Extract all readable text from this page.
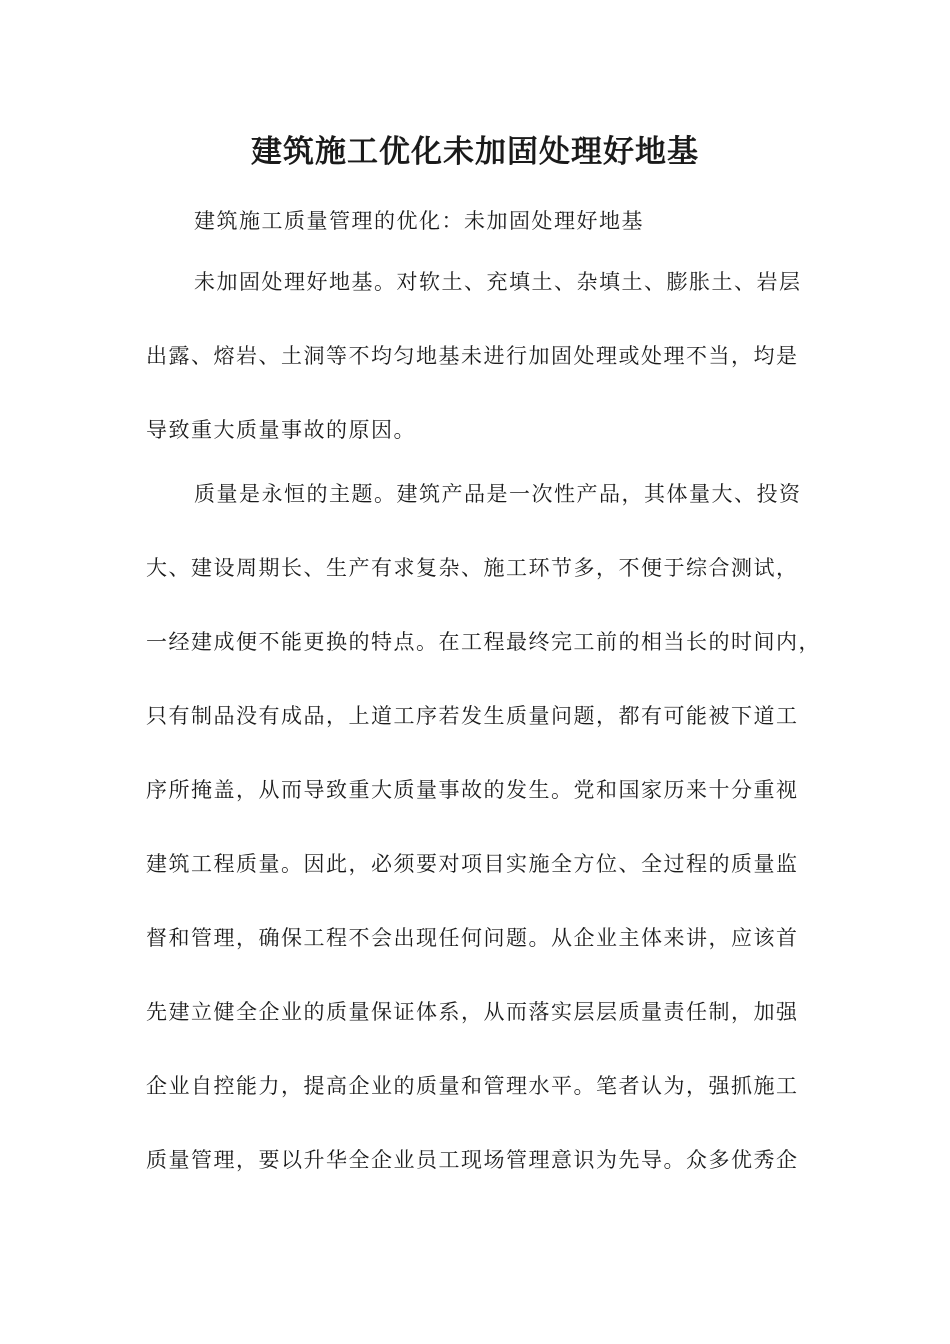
建筑施工优化未加固处理好地基

建筑施工质量管理的优化：未加固处理好地基

未加固处理好地基。对软土、充填土、杂填土、膨胀土、岩层

出露、熔岩、土洞等不均匀地基未进行加固处理或处理不当，均是

导致重大质量事故的原因。

质量是永恒的主题。建筑产品是一次性产品，其体量大、投资

大、建设周期长、生产有求复杂、施工环节多，不便于综合测试，

一经建成便不能更换的特点。在工程最终完工前的相当长的时间内，

只有制品没有成品，上道工序若发生质量问题，都有可能被下道工

序所掩盖，从而导致重大质量事故的发生。党和国家历来十分重视

建筑工程质量。因此，必须要对项目实施全方位、全过程的质量监

督和管理，确保工程不会出现任何问题。从企业主体来讲，应该首

先建立健全企业的质量保证体系，从而落实层层质量责任制，加强

企业自控能力，提高企业的质量和管理水平。笔者认为，强抓施工

质量管理，要以升华全企业员工现场管理意识为先导。众多优秀企
